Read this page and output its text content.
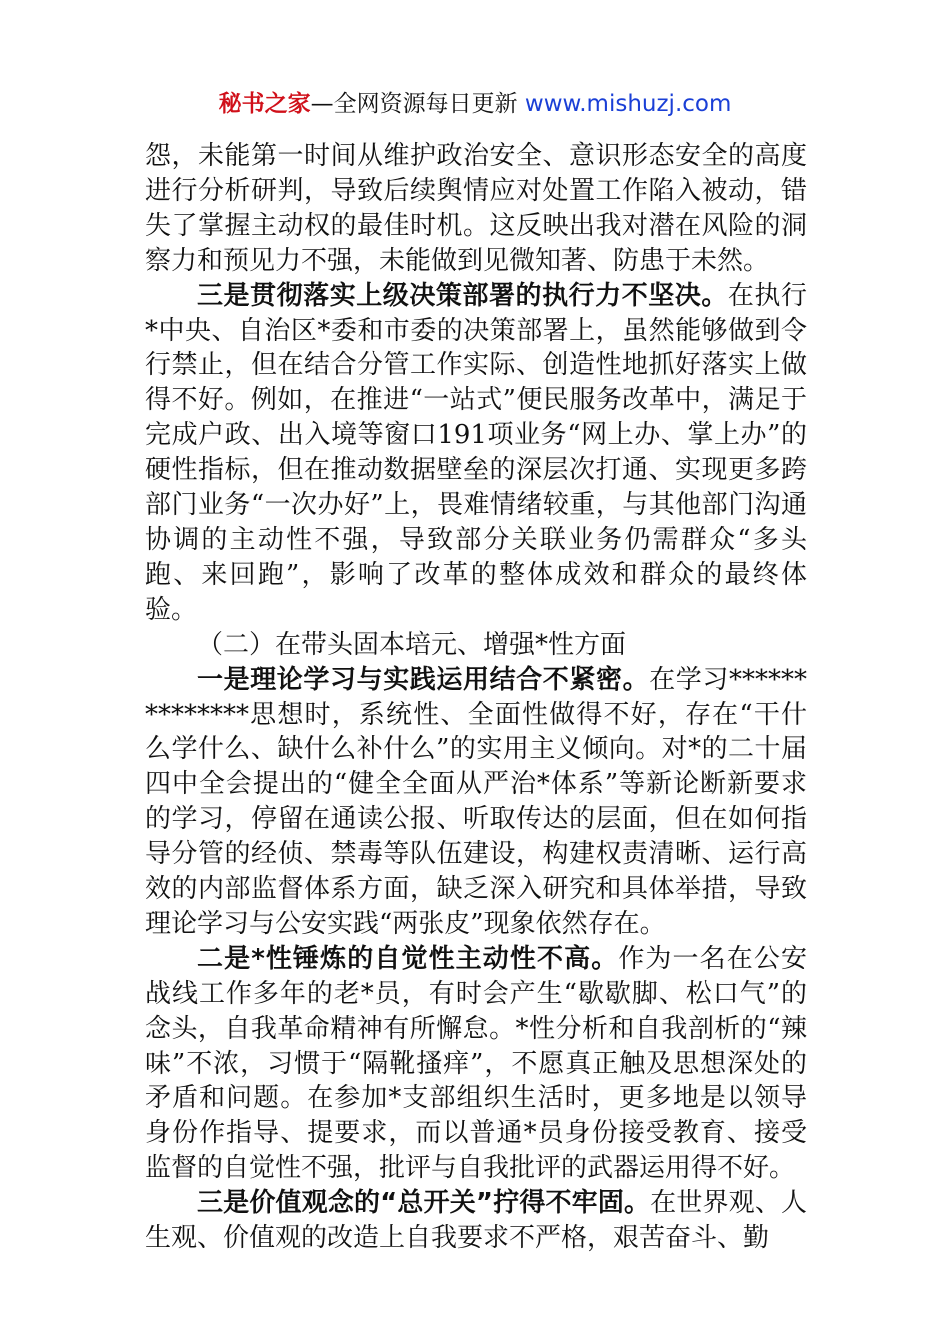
秘书之家—全网资源每日更新 www.mishuzj.com

怨，未能第一时间从维护政治安全、意识形态安全的高度进行分析研判，导致后续舆情应对处置工作陷入被动，错失了掌握主动权的最佳时机。这反映出我对潜在风险的洞察力和预见力不强，未能做到见微知著、防患于未然。

三是贯彻落实上级决策部署的执行力不坚决。在执行*中央、自治区*委和市委的决策部署上，虽然能够做到令行禁止，但在结合分管工作实际、创造性地抓好落实上做得不好。例如，在推进“一站式”便民服务改革中，满足于完成户政、出入境等窗口191项业务“网上办、掌上办”的硬性指标，但在推动数据壁垒的深层次打通、实现更多跨部门业务“一次办好”上，畏难情绪较重，与其他部门沟通协调的主动性不强，导致部分关联业务仍需群众“多头跑、来回跑”，影响了改革的整体成效和群众的最终体验。

（二）在带头固本培元、增强*性方面

一是理论学习与实践运用结合不紧密。在学习**************思想时，系统性、全面性做得不好，存在“干什么学什么、缺什么补什么”的实用主义倾向。对*的二十届四中全会提出的“健全全面从严治*体系”等新论断新要求的学习，停留在通读公报、听取传达的层面，但在如何指导分管的经侦、禁毒等队伍建设，构建权责清晰、运行高效的内部监督体系方面，缺乏深入研究和具体举措，导致理论学习与公安实践“两张皮”现象依然存在。

二是*性锤炼的自觉性主动性不高。作为一名在公安战线工作多年的老*员，有时会产生“歇歇脚、松口气”的念头，自我革命精神有所懈怠。*性分析和自我剖析的“辣味”不浓，习惯于“隔靴搔痒”，不愿真正触及思想深处的矛盾和问题。在参加*支部组织生活时，更多地是以领导身份作指导、提要求，而以普通*员身份接受教育、接受监督的自觉性不强，批评与自我批评的武器运用得不好。

三是价值观念的“总开关”拧得不牢固。在世界观、人生观、价值观的改造上自我要求不严格，艰苦奋斗、勤
